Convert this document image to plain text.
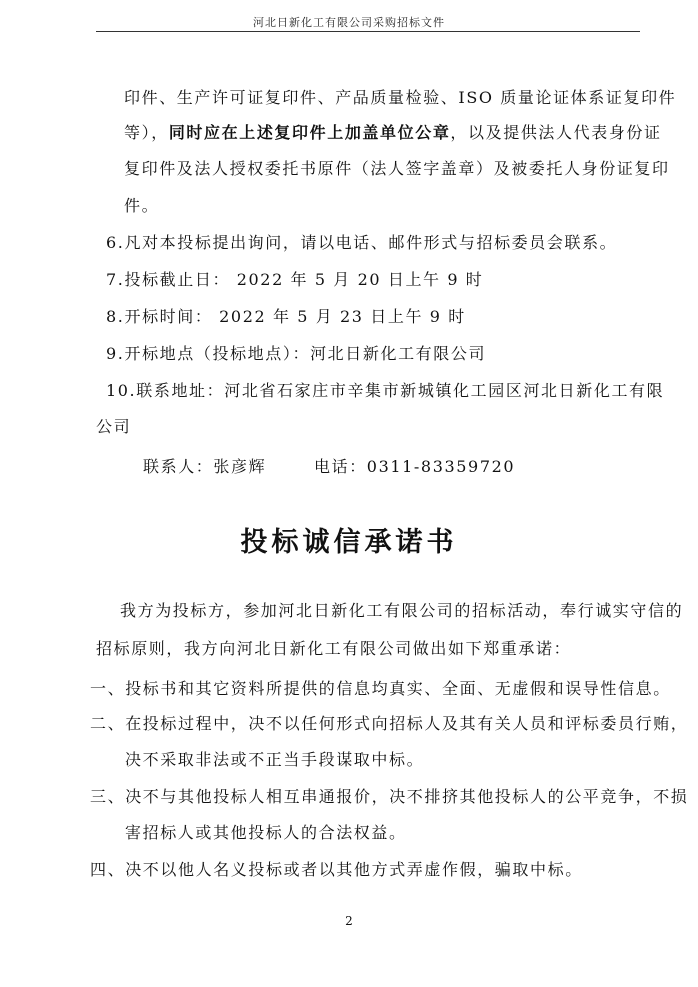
河北日新化工有限公司采购招标文件
印件、生产许可证复印件、产品质量检验、ISO 质量论证体系证复印件
等），同时应在上述复印件上加盖单位公章，以及提供法人代表身份证
复印件及法人授权委托书原件（法人签字盖章）及被委托人身份证复印
件。
6.凡对本投标提出询问，请以电话、邮件形式与招标委员会联系。
7.投标截止日： 2022 年 5 月 20 日上午 9 时
8.开标时间： 2022 年 5 月 23 日上午 9 时
9.开标地点（投标地点）：河北日新化工有限公司
10.联系地址：河北省石家庄市辛集市新城镇化工园区河北日新化工有限
公司
联系人：张彦辉	电话：0311-83359720
投标诚信承诺书
我方为投标方，参加河北日新化工有限公司的招标活动，奉行诚实守信的
招标原则，我方向河北日新化工有限公司做出如下郑重承诺：
一、投标书和其它资料所提供的信息均真实、全面、无虚假和误导性信息。
二、在投标过程中，决不以任何形式向招标人及其有关人员和评标委员行贿，
决不采取非法或不正当手段谋取中标。
三、决不与其他投标人相互串通报价，决不排挤其他投标人的公平竞争，不损
害招标人或其他投标人的合法权益。
四、决不以他人名义投标或者以其他方式弄虚作假，骗取中标。
2
